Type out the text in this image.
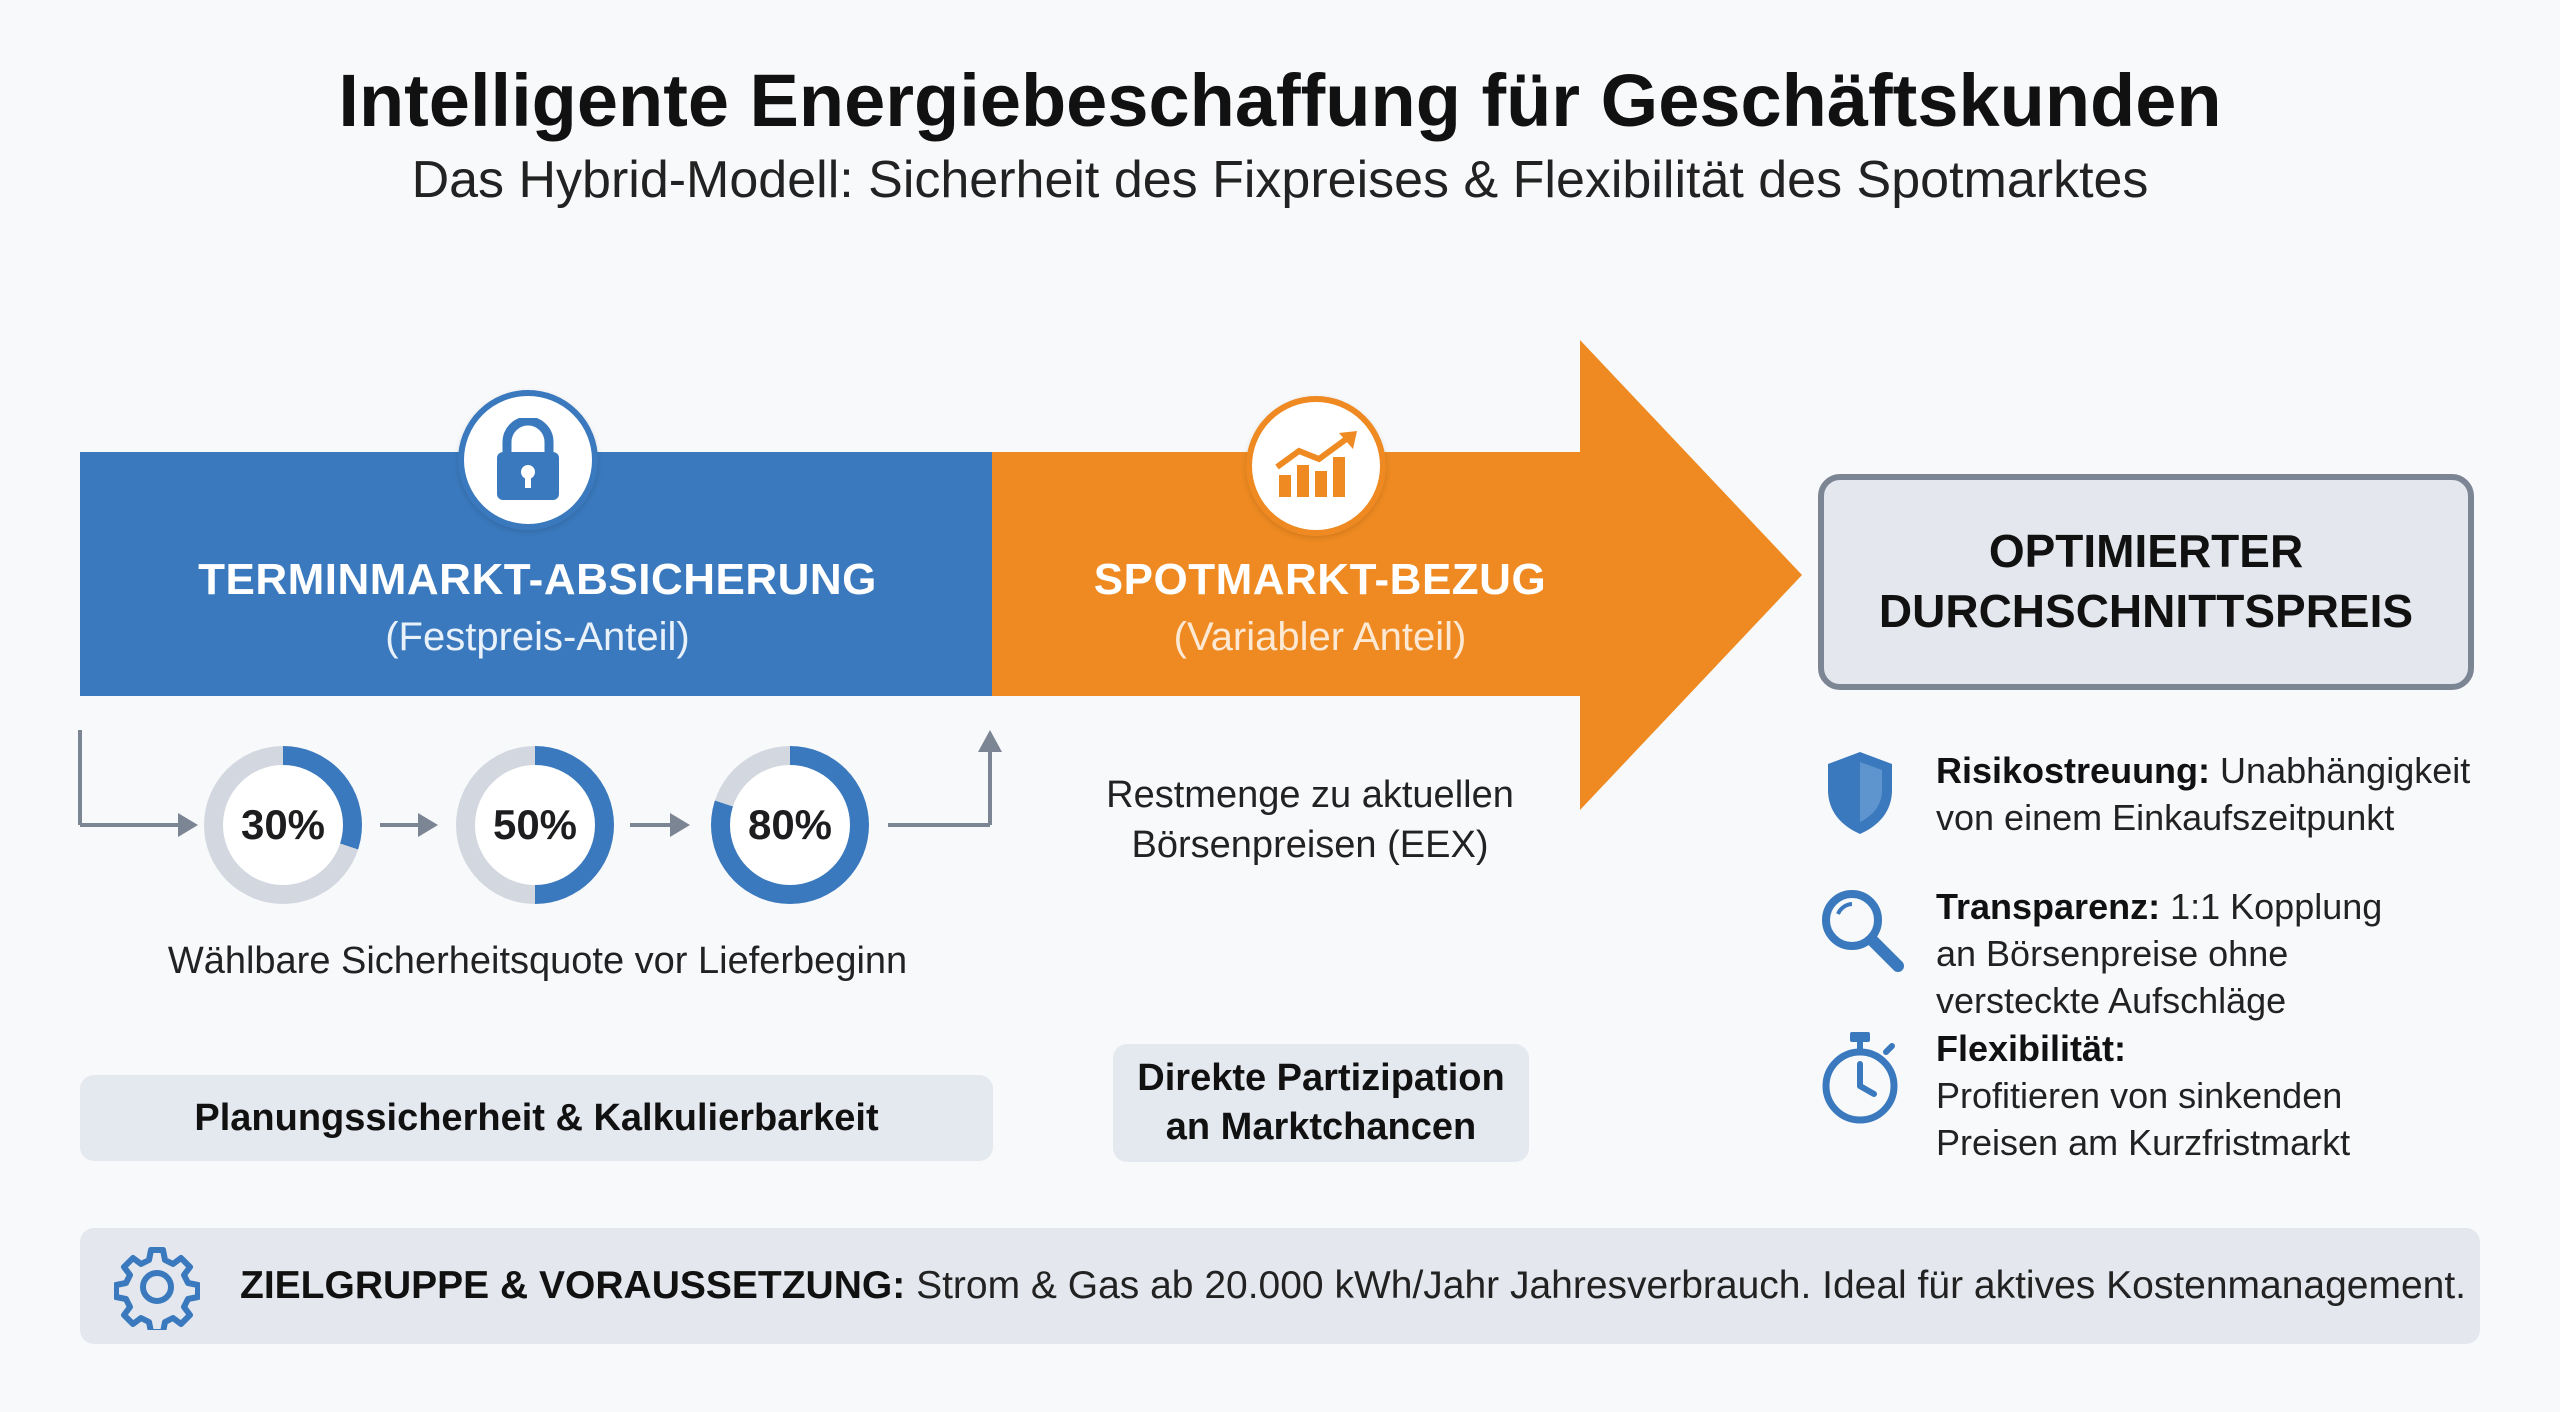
Intelligente Energiebeschaffung für Geschäftskunden
Das Hybrid-Modell: Sicherheit des Fixpreises & Flexibilität des Spotmarktes
TERMINMARKT-ABSICHERUNG
(Festpreis-Anteil)
SPOTMARKT-BEZUG
(Variabler Anteil)
30%	50%	80%
Wählbare Sicherheitsquote vor Lieferbeginn
Restmenge zu aktuellen
Börsenpreisen (EEX)
Planungssicherheit & Kalkulierbarkeit
Direkte Partizipation
an Marktchancen
OPTIMIERTER
DURCHSCHNITTSPREIS
Risikostreuung: Unabhängigkeit
von einem Einkaufszeitpunkt
Transparenz: 1:1 Kopplung
an Börsenpreise ohne
versteckte Aufschläge
Flexibilität:
Profitieren von sinkenden
Preisen am Kurzfristmarkt
ZIELGRUPPE & VORAUSSETZUNG:
Strom & Gas ab 20.000 kWh/Jahr Jahresverbrauch. Ideal für aktives Kostenmanagement.
